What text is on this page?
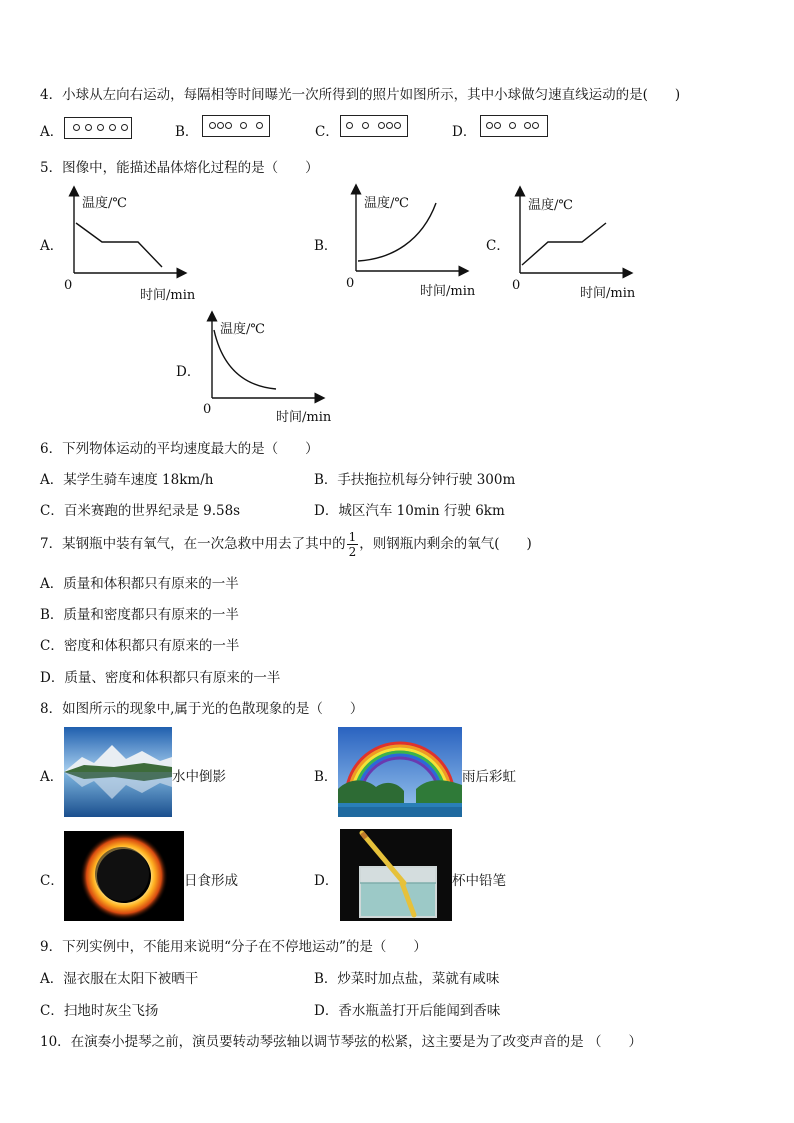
4．小球从左向右运动，每隔相等时间曝光一次所得到的照片如图所示，其中小球做匀速直线运动的是(　　)
A．	B．	C．	D．
5．图像中，能描述晶体熔化过程的是（　　）
A．
温度/℃
0
时间/min
B．
温度/℃
0
时间/min
C．
温度/℃
0
时间/min
D．
温度/℃
0
时间/min
6．下列物体运动的平均速度最大的是（　　）
A．某学生骑车速度 18km/h	B．手扶拖拉机每分钟行驶 300m
C．百米赛跑的世界纪录是 9.58s	D．城区汽车 10min 行驶 6km
7．某钢瓶中装有氧气，在一次急救中用去了其中的 $\frac{1}{2}$ ，则钢瓶内剩余的氧气(　　)
A．质量和体积都只有原来的一半
B．质量和密度都只有原来的一半
C．密度和体积都只有原来的一半
D．质量、密度和体积都只有原来的一半
8．如图所示的现象中,属于光的色散现象的是（　　）
A．	水中倒影	B．	雨后彩虹
C．	日食形成	D．	杯中铅笔
9．下列实例中，不能用来说明“分子在不停地运动”的是（　　）
A．湿衣服在太阳下被晒干	B．炒菜时加点盐，菜就有咸味
C．扫地时灰尘飞扬	D．香水瓶盖打开后能闻到香味
10．在演奏小提琴之前，演员要转动琴弦轴以调节琴弦的松紧，这主要是为了改变声音的是 （　　）
